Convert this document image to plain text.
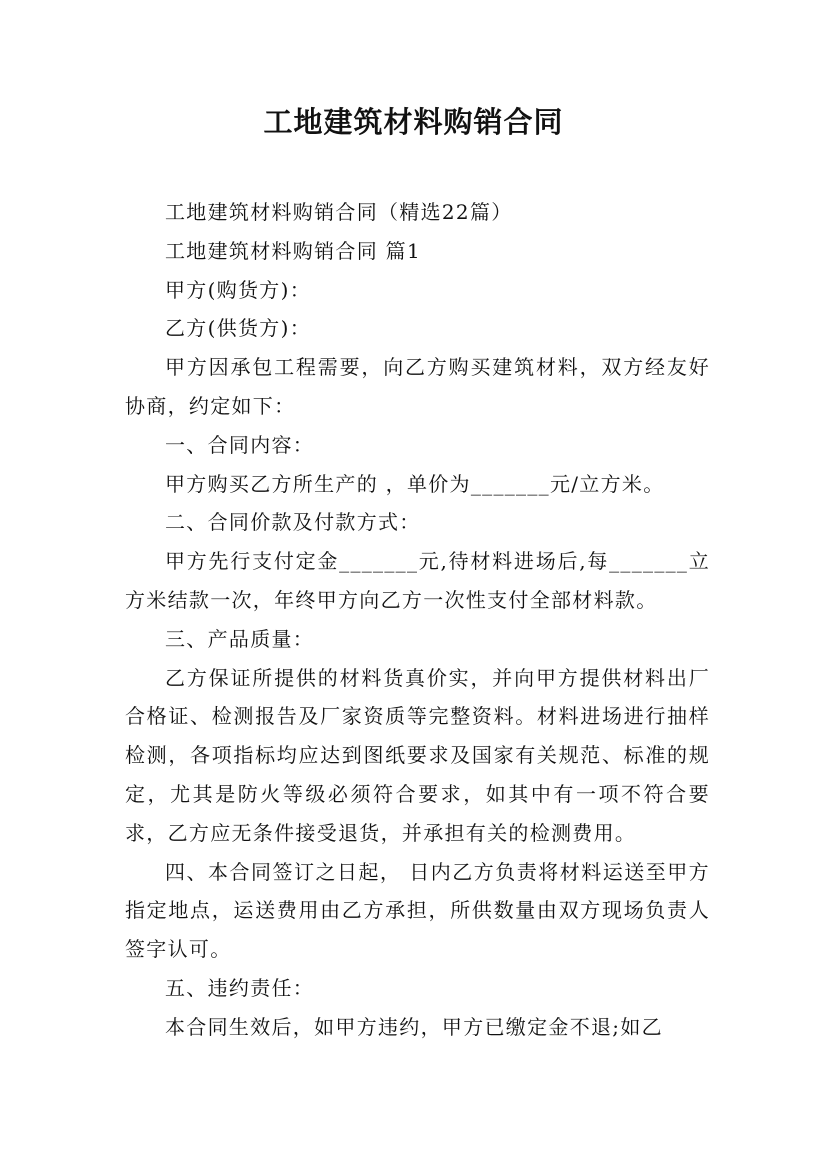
工地建筑材料购销合同

工地建筑材料购销合同（精选22篇）

工地建筑材料购销合同 篇1

甲方(购货方)：

乙方(供货方)：

甲方因承包工程需要，向乙方购买建筑材料，双方经友好协商，约定如下：

一、合同内容：

甲方购买乙方所生产的 ，单价为_______元/立方米。

二、合同价款及付款方式：

甲方先行支付定金_______元,待材料进场后,每_______立方米结款一次，年终甲方向乙方一次性支付全部材料款。

三、产品质量：

乙方保证所提供的材料货真价实，并向甲方提供材料出厂合格证、检测报告及厂家资质等完整资料。材料进场进行抽样检测，各项指标均应达到图纸要求及国家有关规范、标准的规定，尤其是防火等级必须符合要求，如其中有一项不符合要求，乙方应无条件接受退货，并承担有关的检测费用。

四、本合同签订之日起， 日内乙方负责将材料运送至甲方指定地点，运送费用由乙方承担，所供数量由双方现场负责人签字认可。

五、违约责任：

本合同生效后，如甲方违约，甲方已缴定金不退;如乙
